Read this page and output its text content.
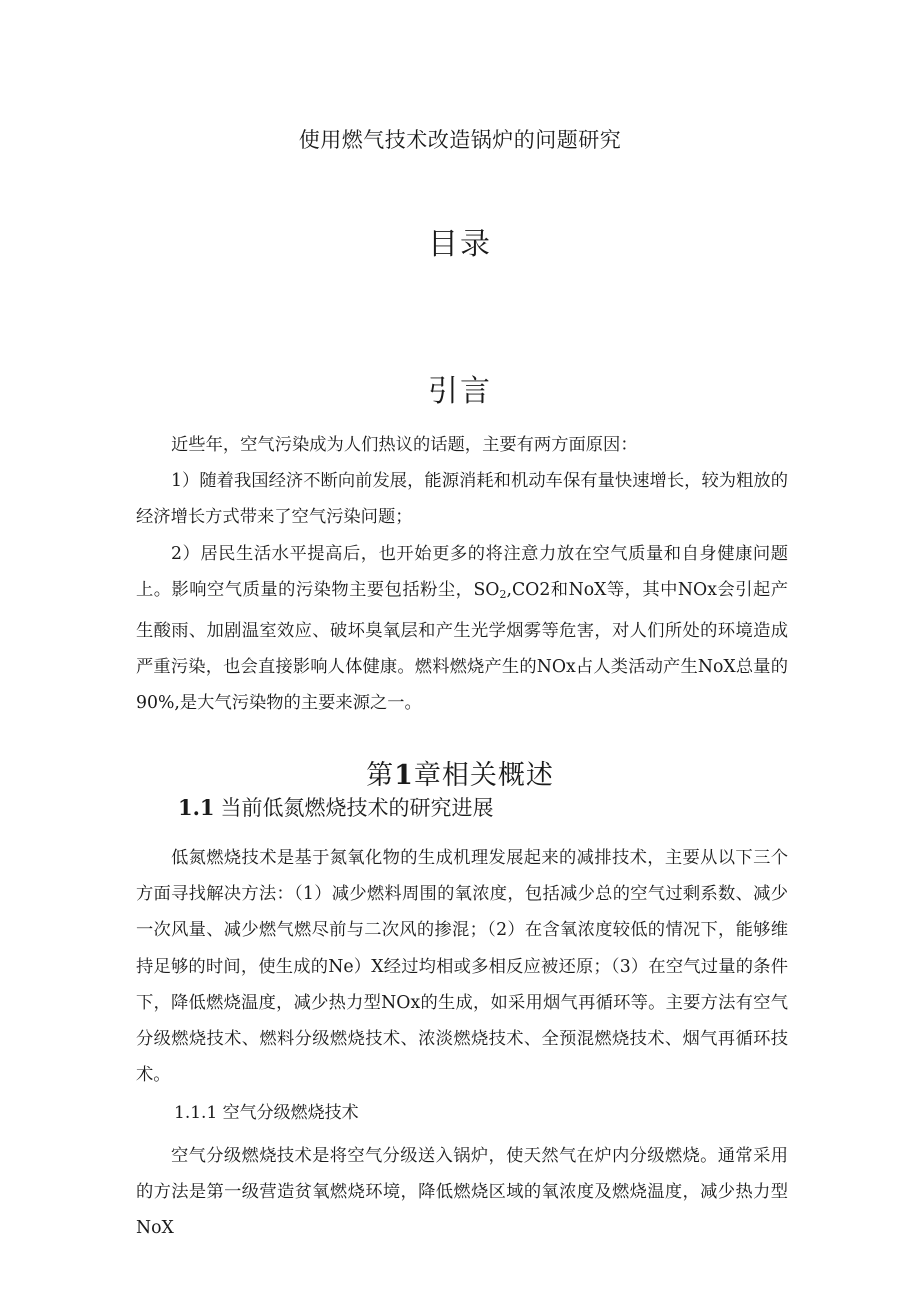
使用燃气技术改造锅炉的问题研究
目录
引言

近些年，空气污染成为人们热议的话题，主要有两方面原因：

1）随着我国经济不断向前发展，能源消耗和机动车保有量快速增长，较为粗放的经济增长方式带来了空气污染问题；

2）居民生活水平提高后，也开始更多的将注意力放在空气质量和自身健康问题上。影响空气质量的污染物主要包括粉尘，$SO_2,CO2$和NoX等，其中NOx会引起产生酸雨、加剧温室效应、破坏臭氧层和产生光学烟雾等危害，对人们所处的环境造成严重污染，也会直接影响人体健康。燃料燃烧产生的NOx占人类活动产生NoX总量的90%,是大气污染物的主要来源之一。

第1章相关概述
1.1 当前低氮燃烧技术的研究进展

低氮燃烧技术是基于氮氧化物的生成机理发展起来的减排技术，主要从以下三个方面寻找解决方法：（1）减少燃料周围的氧浓度，包括减少总的空气过剩系数、减少一次风量、减少燃气燃尽前与二次风的掺混；（2）在含氧浓度较低的情况下，能够维持足够的时间，使生成的Ne）X经过均相或多相反应被还原；（3）在空气过量的条件下，降低燃烧温度，减少热力型NOx的生成，如采用烟气再循环等。主要方法有空气分级燃烧技术、燃料分级燃烧技术、浓淡燃烧技术、全预混燃烧技术、烟气再循环技术。

1.1.1 空气分级燃烧技术

空气分级燃烧技术是将空气分级送入锅炉，使天然气在炉内分级燃烧。通常采用的方法是第一级营造贫氧燃烧环境，降低燃烧区域的氧浓度及燃烧温度，减少热力型NoX
